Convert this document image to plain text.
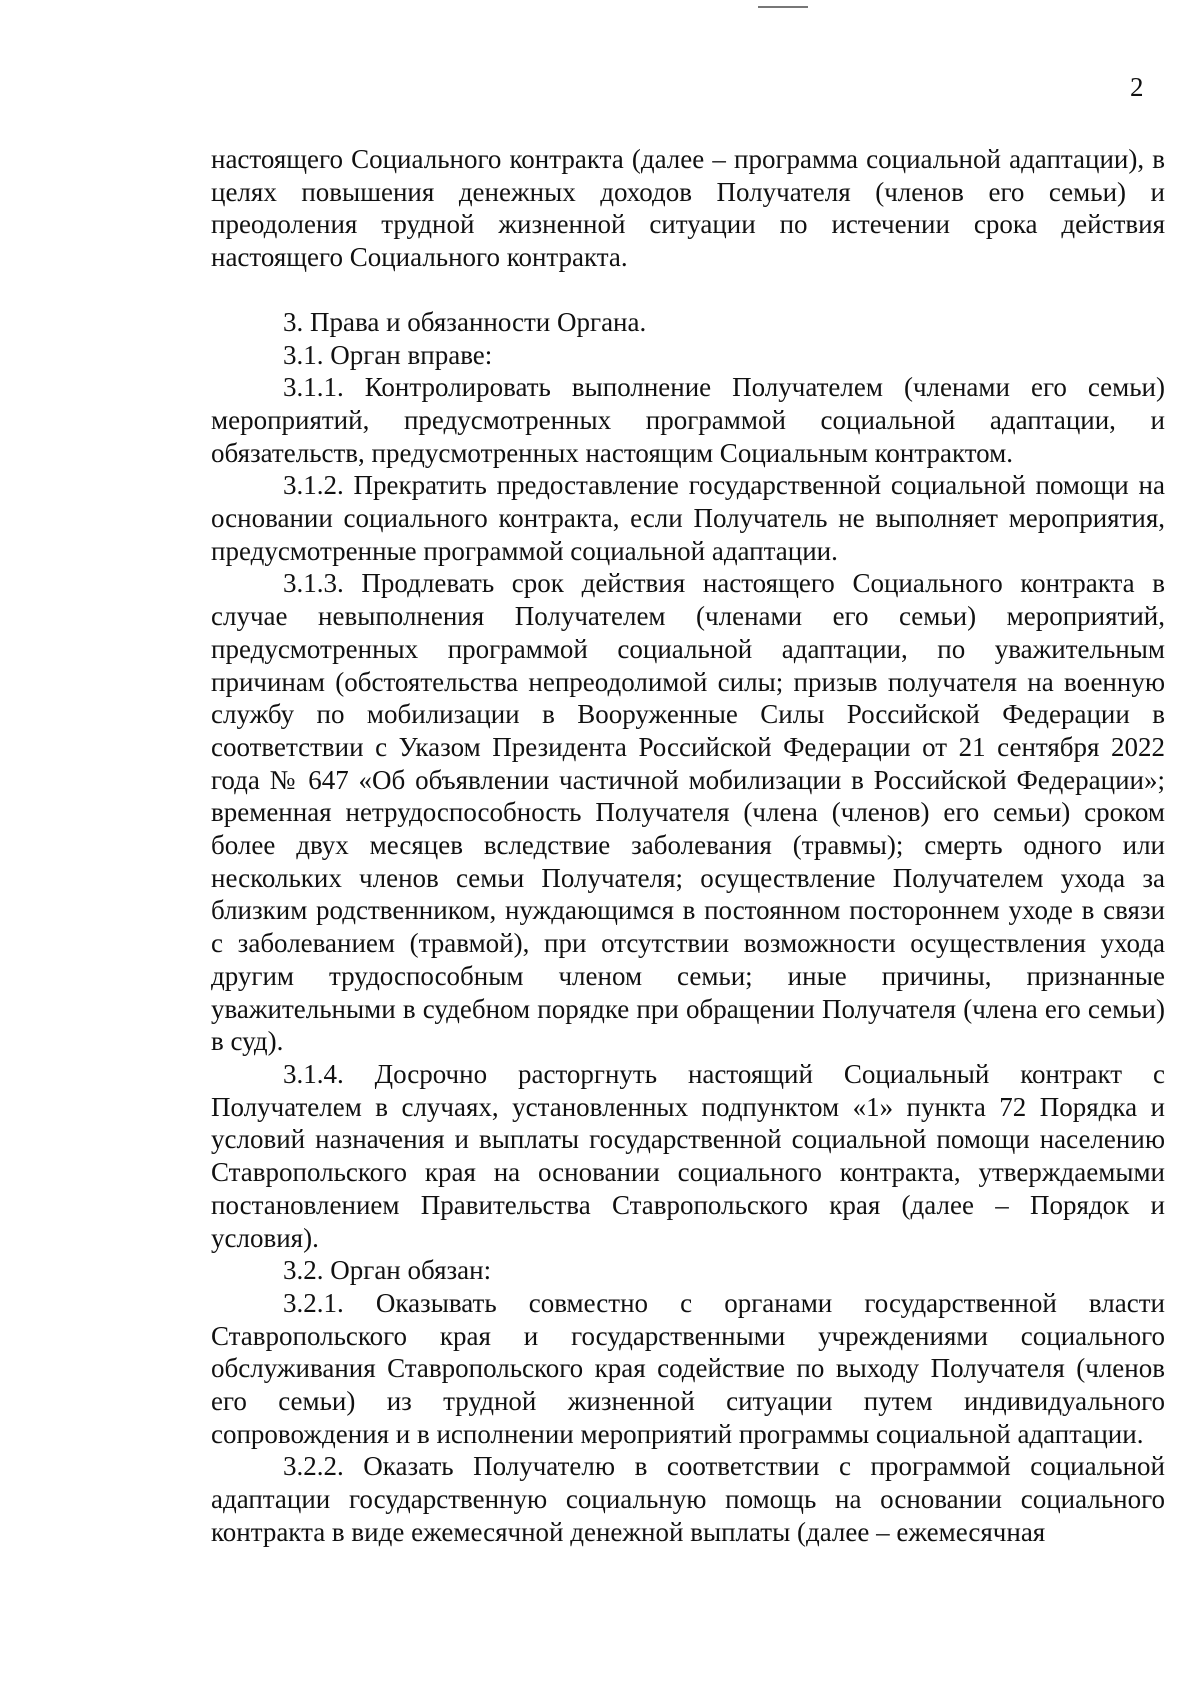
2

настоящего Социального контракта (далее – программа социальной адаптации), в целях повышения денежных доходов Получателя (членов его семьи) и преодоления трудной жизненной ситуации по истечении срока действия настоящего Социального контракта.

3. Права и обязанности Органа.

3.1. Орган вправе:

3.1.1. Контролировать выполнение Получателем (членами его семьи) мероприятий, предусмотренных программой социальной адаптации, и обязательств, предусмотренных настоящим Социальным контрактом.

3.1.2. Прекратить предоставление государственной социальной помощи на основании социального контракта, если Получатель не выполняет мероприятия, предусмотренные программой социальной адаптации.

3.1.3. Продлевать срок действия настоящего Социального контракта в случае невыполнения Получателем (членами его семьи) мероприятий, предусмотренных программой социальной адаптации, по уважительным причинам (обстоятельства непреодолимой силы; призыв получателя на военную службу по мобилизации в Вооруженные Силы Российской Федерации в соответствии с Указом Президента Российской Федерации от 21 сентября 2022 года № 647 «Об объявлении частичной мобилизации в Российской Федерации»; временная нетрудоспособность Получателя (члена (членов) его семьи) сроком более двух месяцев вследствие заболевания (травмы); смерть одного или нескольких членов семьи Получателя; осуществление Получателем ухода за близким родственником, нуждающимся в постоянном постороннем уходе в связи с заболеванием (травмой), при отсутствии возможности осуществления ухода другим трудоспособным членом семьи; иные причины, признанные уважительными в судебном порядке при обращении Получателя (члена его семьи) в суд).

3.1.4. Досрочно расторгнуть настоящий Социальный контракт с Получателем в случаях, установленных подпунктом «1» пункта 72 Порядка и условий назначения и выплаты государственной социальной помощи населению Ставропольского края на основании социального контракта, утверждаемыми постановлением Правительства Ставропольского края (далее – Порядок и условия).

3.2. Орган обязан:

3.2.1. Оказывать совместно с органами государственной власти Ставропольского края и государственными учреждениями социального обслуживания Ставропольского края содействие по выходу Получателя (членов его семьи) из трудной жизненной ситуации путем индивидуального сопровождения и в исполнении мероприятий программы социальной адаптации.

3.2.2. Оказать Получателю в соответствии с программой социальной адаптации государственную социальную помощь на основании социального контракта в виде ежемесячной денежной выплаты (далее – ежемесячная
